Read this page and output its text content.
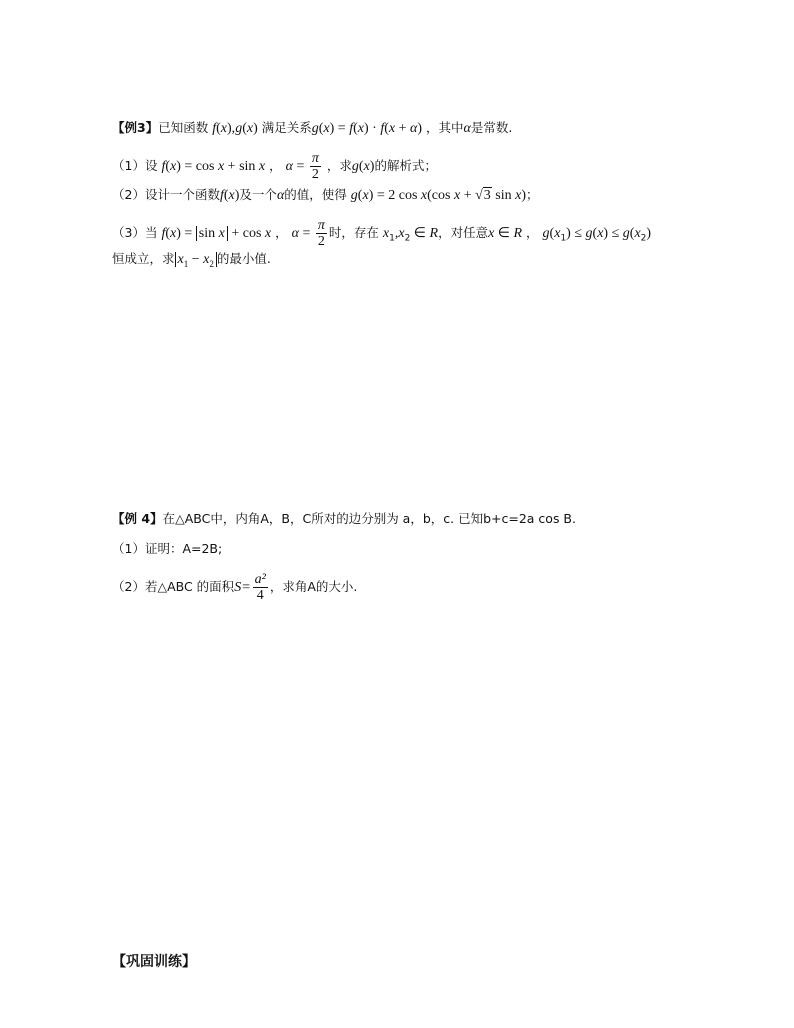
【例3】已知函数 f(x),g(x) 满足关系g(x) = f(x) · f(x + α) ，其中α是常数.
（1）设 f(x) = cos x + sin x ， $\alpha = \frac{\pi}{2}$ ，求g(x)的解析式；
（2）设计一个函数f(x)及一个α的值，使得 g(x) = 2 cos x(cos x + √3 sin x)；
（3）当 f(x) = sin x + cos x ， $\alpha = \frac{\pi}{2}$ 时，存在 $x_1,x_2$ ∈ R，对任意x ∈ R ， $g(x_1) \le g(x) \le g(x_2)$
恒成立，求 $x_1 - x_2$ 的最小值.
【例 4】在△ABC中，内角A，B，C所对的边分别为 a，b，c. 已知b+c=2a cos B.
（1）证明：A=2B;
（2）若△ABC 的面积$S= \frac{\text{a²}}{4}$ ，求角A的大小.
【巩固训练】
